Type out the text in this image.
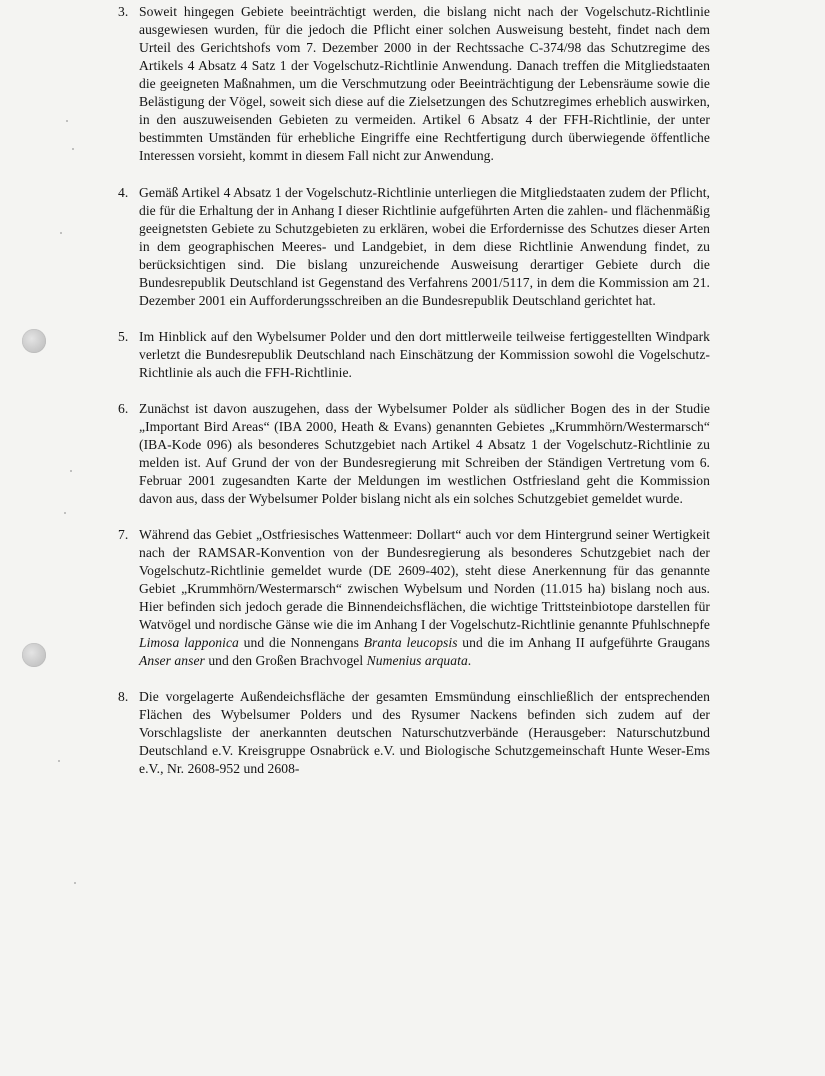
3. Soweit hingegen Gebiete beeinträchtigt werden, die bislang nicht nach der Vogelschutz-Richtlinie ausgewiesen wurden, für die jedoch die Pflicht einer solchen Ausweisung besteht, findet nach dem Urteil des Gerichtshofs vom 7. Dezember 2000 in der Rechtssache C-374/98 das Schutzregime des Artikels 4 Absatz 4 Satz 1 der Vogelschutz-Richtlinie Anwendung. Danach treffen die Mitgliedstaaten die geeigneten Maßnahmen, um die Verschmutzung oder Beeinträchtigung der Lebensräume sowie die Belästigung der Vögel, soweit sich diese auf die Zielsetzungen des Schutzregimes erheblich auswirken, in den auszuweisenden Gebieten zu vermeiden. Artikel 6 Absatz 4 der FFH-Richtlinie, der unter bestimmten Umständen für erhebliche Eingriffe eine Rechtfertigung durch überwiegende öffentliche Interessen vorsieht, kommt in diesem Fall nicht zur Anwendung.
4. Gemäß Artikel 4 Absatz 1 der Vogelschutz-Richtlinie unterliegen die Mitgliedstaaten zudem der Pflicht, die für die Erhaltung der in Anhang I dieser Richtlinie aufgeführten Arten die zahlen- und flächenmäßig geeignetsten Gebiete zu Schutzgebieten zu erklären, wobei die Erfordernisse des Schutzes dieser Arten in dem geographischen Meeres- und Landgebiet, in dem diese Richtlinie Anwendung findet, zu berücksichtigen sind. Die bislang unzureichende Ausweisung derartiger Gebiete durch die Bundesrepublik Deutschland ist Gegenstand des Verfahrens 2001/5117, in dem die Kommission am 21. Dezember 2001 ein Aufforderungsschreiben an die Bundesrepublik Deutschland gerichtet hat.
5. Im Hinblick auf den Wybelsumer Polder und den dort mittlerweile teilweise fertiggestellten Windpark verletzt die Bundesrepublik Deutschland nach Einschätzung der Kommission sowohl die Vogelschutz-Richtlinie als auch die FFH-Richtlinie.
6. Zunächst ist davon auszugehen, dass der Wybelsumer Polder als südlicher Bogen des in der Studie „Important Bird Areas“ (IBA 2000, Heath & Evans) genannten Gebietes „Krummhörn/Westermarsch“ (IBA-Kode 096) als besonderes Schutzgebiet nach Artikel 4 Absatz 1 der Vogelschutz-Richtlinie zu melden ist. Auf Grund der von der Bundesregierung mit Schreiben der Ständigen Vertretung vom 6. Februar 2001 zugesandten Karte der Meldungen im westlichen Ostfriesland geht die Kommission davon aus, dass der Wybelsumer Polder bislang nicht als ein solches Schutzgebiet gemeldet wurde.
7. Während das Gebiet „Ostfriesisches Wattenmeer: Dollart“ auch vor dem Hintergrund seiner Wertigkeit nach der RAMSAR-Konvention von der Bundesregierung als besonderes Schutzgebiet nach der Vogelschutz-Richtlinie gemeldet wurde (DE 2609-402), steht diese Anerkennung für das genannte Gebiet „Krummhörn/Westermarsch“ zwischen Wybelsum und Norden (11.015 ha) bislang noch aus. Hier befinden sich jedoch gerade die Binnendeichsflächen, die wichtige Trittsteinbiotope darstellen für Watvögel und nordische Gänse wie die im Anhang I der Vogelschutz-Richtlinie genannte Pfuhlschnepfe Limosa lapponica und die Nonnengans Branta leucopsis und die im Anhang II aufgeführte Graugans Anser anser und den Großen Brachvogel Numenius arquata.
8. Die vorgelagerte Außendeichsfläche der gesamten Emsmündung einschließlich der entsprechenden Flächen des Wybelsumer Polders und des Rysumer Nackens befinden sich zudem auf der Vorschlagsliste der anerkannten deutschen Naturschutzverbände (Herausgeber: Naturschutzbund Deutschland e.V. Kreisgruppe Osnabrück e.V. und Biologische Schutzgemeinschaft Hunte Weser-Ems e.V., Nr. 2608-952 und 2608-
